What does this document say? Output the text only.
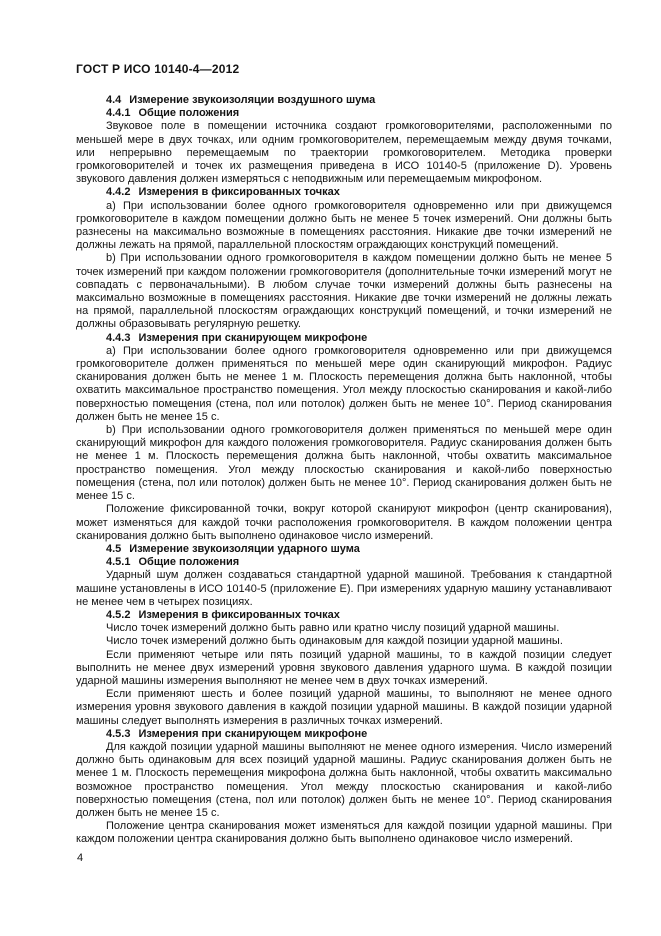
ГОСТ Р ИСО 10140-4—2012

4.4 Измерение звукоизоляции воздушного шума

4.4.1 Общие положения

Звуковое поле в помещении источника создают громкоговорителями, расположенными по меньшей мере в двух точках, или одним громкоговорителем, перемещаемым между двумя точками, или непрерывно перемещаемым по траектории громкоговорителем. Методика проверки громкоговорителей и точек их размещения приведена в ИСО 10140-5 (приложение D). Уровень звукового давления должен измеряться с неподвижным или перемещаемым микрофоном.

4.4.2 Измерения в фиксированных точках

a) При использовании более одного громкоговорителя одновременно или при движущемся громкоговорителе в каждом помещении должно быть не менее 5 точек измерений. Они должны быть разнесены на максимально возможные в помещениях расстояния. Никакие две точки измерений не должны лежать на прямой, параллельной плоскостям ограждающих конструкций помещений.

b) При использовании одного громкоговорителя в каждом помещении должно быть не менее 5 точек измерений при каждом положении громкоговорителя (дополнительные точки измерений могут не совпадать с первоначальными). В любом случае точки измерений должны быть разнесены на максимально возможные в помещениях расстояния. Никакие две точки измерений не должны лежать на прямой, параллельной плоскостям ограждающих конструкций помещений, и точки измерений не должны образовывать регулярную решетку.

4.4.3 Измерения при сканирующем микрофоне

a) При использовании более одного громкоговорителя одновременно или при движущемся громкоговорителе должен применяться по меньшей мере один сканирующий микрофон. Радиус сканирования должен быть не менее 1 м. Плоскость перемещения должна быть наклонной, чтобы охватить максимальное пространство помещения. Угол между плоскостью сканирования и какой-либо поверхностью помещения (стена, пол или потолок) должен быть не менее 10°. Период сканирования должен быть не менее 15 с.

b) При использовании одного громкоговорителя должен применяться по меньшей мере один сканирующий микрофон для каждого положения громкоговорителя. Радиус сканирования должен быть не менее 1 м. Плоскость перемещения должна быть наклонной, чтобы охватить максимальное пространство помещения. Угол между плоскостью сканирования и какой-либо поверхностью помещения (стена, пол или потолок) должен быть не менее 10°. Период сканирования должен быть не менее 15 с.

Положение фиксированной точки, вокруг которой сканируют микрофон (центр сканирования), может изменяться для каждой точки расположения громкоговорителя. В каждом положении центра сканирования должно быть выполнено одинаковое число измерений.

4.5 Измерение звукоизоляции ударного шума

4.5.1 Общие положения

Ударный шум должен создаваться стандартной ударной машиной. Требования к стандартной машине установлены в ИСО 10140-5 (приложение E). При измерениях ударную машину устанавливают не менее чем в четырех позициях.

4.5.2 Измерения в фиксированных точках

Число точек измерений должно быть равно или кратно числу позиций ударной машины.

Число точек измерений должно быть одинаковым для каждой позиции ударной машины.

Если применяют четыре или пять позиций ударной машины, то в каждой позиции следует выполнить не менее двух измерений уровня звукового давления ударного шума. В каждой позиции ударной машины измерения выполняют не менее чем в двух точках измерений.

Если применяют шесть и более позиций ударной машины, то выполняют не менее одного измерения уровня звукового давления в каждой позиции ударной машины. В каждой позиции ударной машины следует выполнять измерения в различных точках измерений.

4.5.3 Измерения при сканирующем микрофоне

Для каждой позиции ударной машины выполняют не менее одного измерения. Число измерений должно быть одинаковым для всех позиций ударной машины. Радиус сканирования должен быть не менее 1 м. Плоскость перемещения микрофона должна быть наклонной, чтобы охватить максимально возможное пространство помещения. Угол между плоскостью сканирования и какой-либо поверхностью помещения (стена, пол или потолок) должен быть не менее 10°. Период сканирования должен быть не менее 15 с.

Положение центра сканирования может изменяться для каждой позиции ударной машины. При каждом положении центра сканирования должно быть выполнено одинаковое число измерений.

4
